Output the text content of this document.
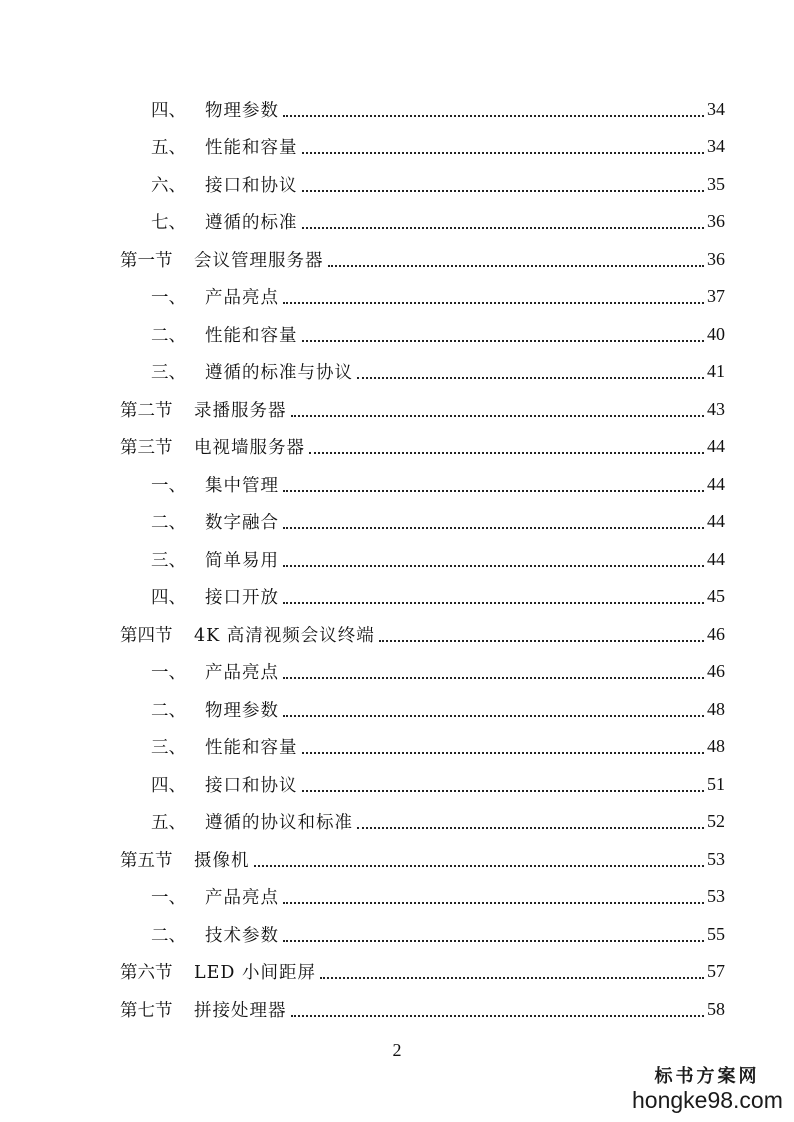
四、	物理参数	34
五、	性能和容量	34
六、	接口和协议	35
七、	遵循的标准	36
第一节	会议管理服务器	36
一、	产品亮点	37
二、	性能和容量	40
三、	遵循的标准与协议	41
第二节	录播服务器	43
第三节	电视墙服务器	44
一、	集中管理	44
二、	数字融合	44
三、	简单易用	44
四、	接口开放	45
第四节	4K 高清视频会议终端	46
一、	产品亮点	46
二、	物理参数	48
三、	性能和容量	48
四、	接口和协议	51
五、	遵循的协议和标准	52
第五节	摄像机	53
一、	产品亮点	53
二、	技术参数	55
第六节	LED 小间距屏	57
第七节	拼接处理器	58
2
标书方案网
hongke98.com
